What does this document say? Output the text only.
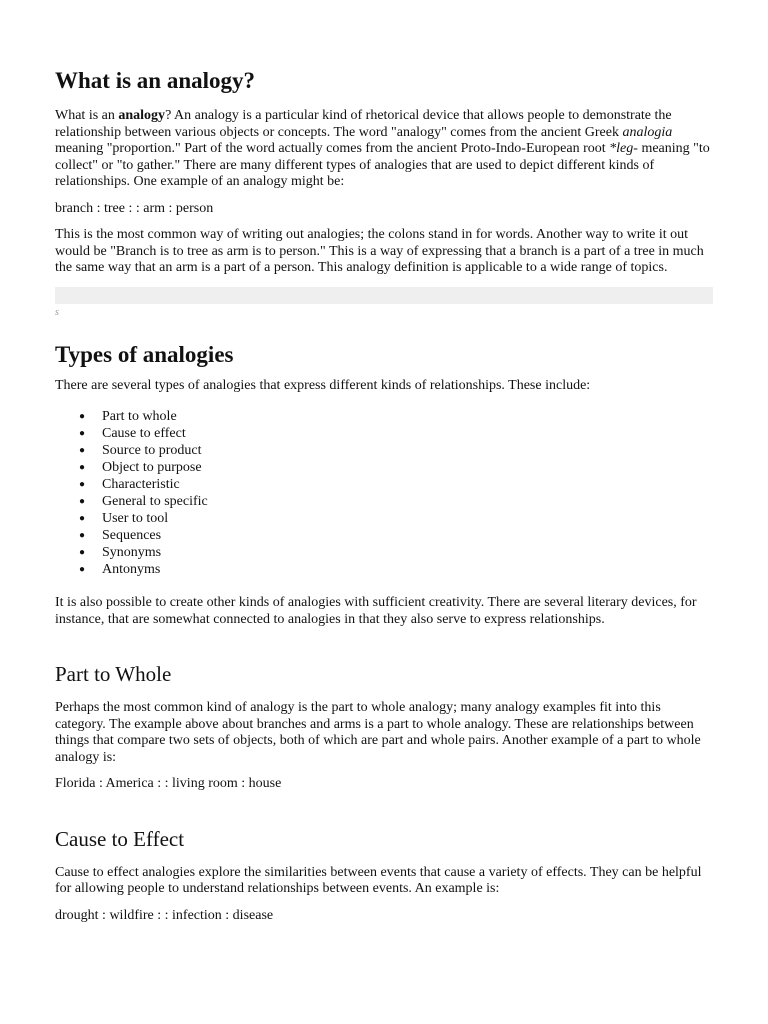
What is an analogy?

What is an analogy? An analogy is a particular kind of rhetorical device that allows people to demonstrate the relationship between various objects or concepts. The word "analogy" comes from the ancient Greek analogia meaning "proportion." Part of the word actually comes from the ancient Proto-Indo-European root *leg- meaning "to collect" or "to gather." There are many different types of analogies that are used to depict different kinds of relationships. One example of an analogy might be:

branch : tree : : arm : person

This is the most common way of writing out analogies; the colons stand in for words. Another way to write it out would be "Branch is to tree as arm is to person." This is a way of expressing that a branch is a part of a tree in much the same way that an arm is a part of a person. This analogy definition is applicable to a wide range of topics.

s
Types of analogies

There are several types of analogies that express different kinds of relationships. These include:

● Part to whole
● Cause to effect
● Source to product
● Object to purpose
● Characteristic
● General to specific
● User to tool
● Sequences
● Synonyms
● Antonyms

It is also possible to create other kinds of analogies with sufficient creativity. There are several literary devices, for instance, that are somewhat connected to analogies in that they also serve to express relationships.

Part to Whole

Perhaps the most common kind of analogy is the part to whole analogy; many analogy examples fit into this category. The example above about branches and arms is a part to whole analogy. These are relationships between things that compare two sets of objects, both of which are part and whole pairs. Another example of a part to whole analogy is:

Florida : America : : living room : house
Cause to Effect

Cause to effect analogies explore the similarities between events that cause a variety of effects. They can be helpful for allowing people to understand relationships between events. An example is:

drought : wildfire : : infection : disease
